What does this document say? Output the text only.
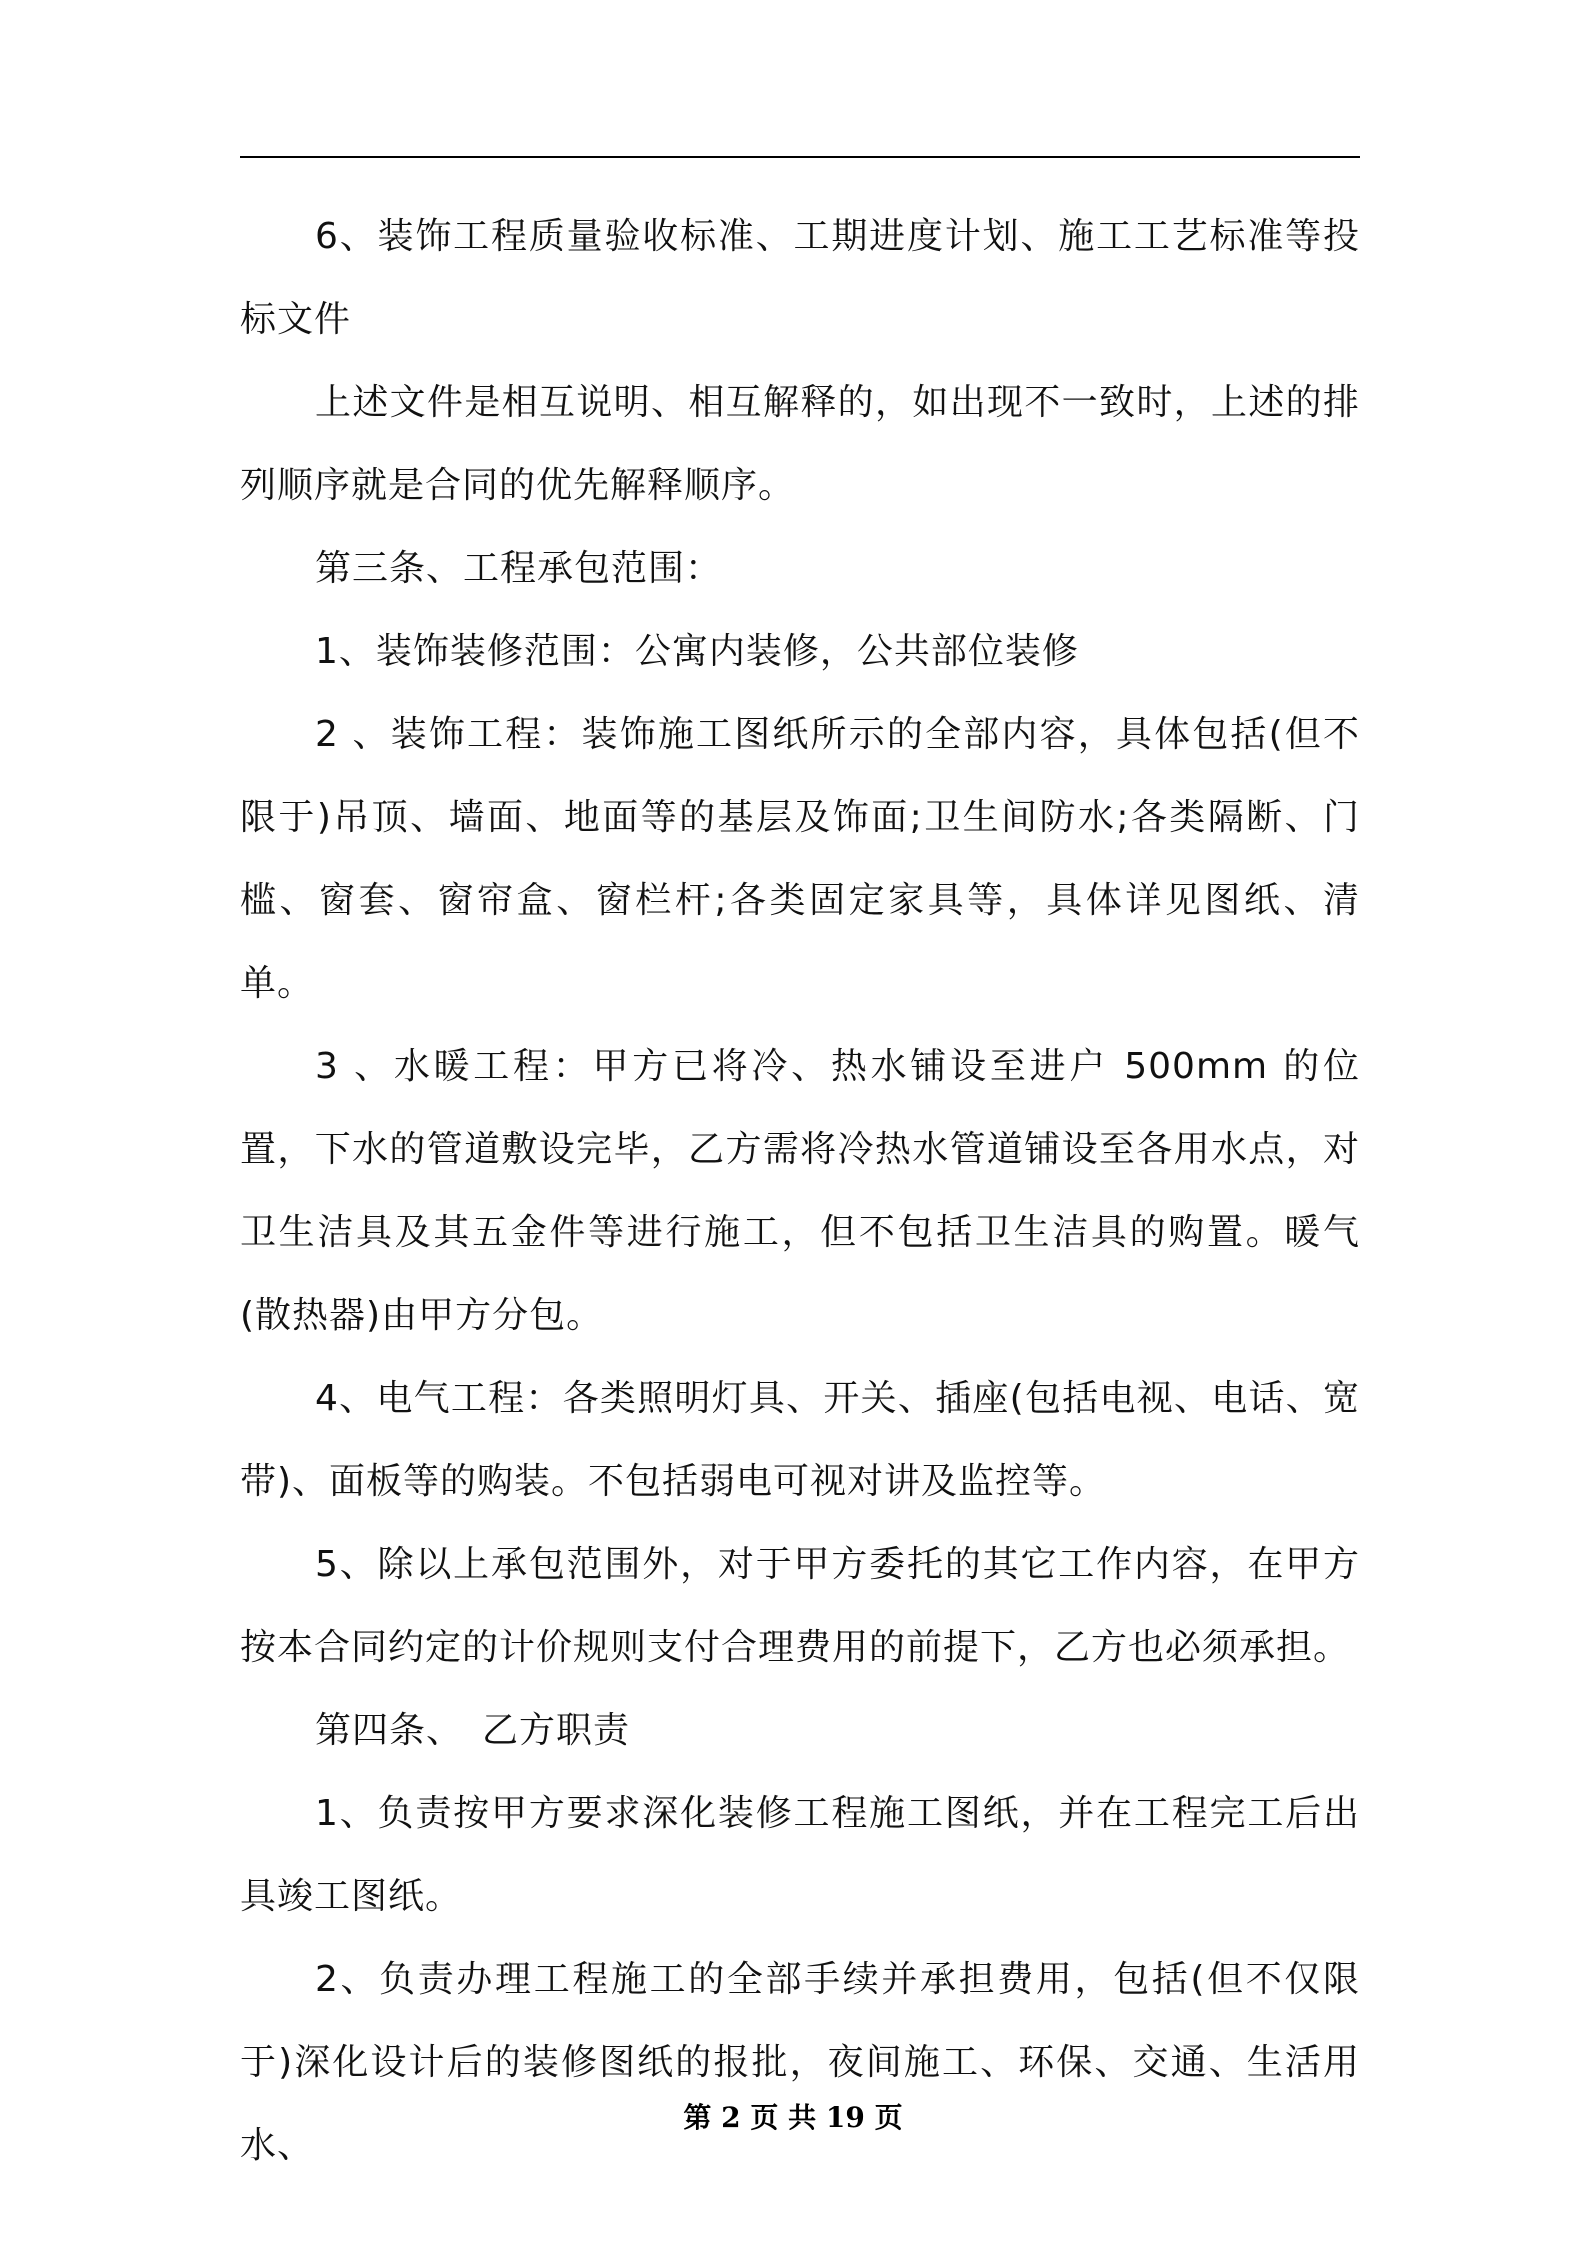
6、装饰工程质量验收标准、工期进度计划、施工工艺标准等投标文件

上述文件是相互说明、相互解释的，如出现不一致时，上述的排列顺序就是合同的优先解释顺序。

第三条、工程承包范围：

1、装饰装修范围：公寓内装修，公共部位装修

2 、装饰工程：装饰施工图纸所示的全部内容，具体包括(但不限于)吊顶、墙面、地面等的基层及饰面;卫生间防水;各类隔断、门槛、窗套、窗帘盒、窗栏杆;各类固定家具等，具体详见图纸、清单。

3 、水暖工程：甲方已将冷、热水铺设至进户 500mm 的位置，下水的管道敷设完毕，乙方需将冷热水管道铺设至各用水点，对卫生洁具及其五金件等进行施工，但不包括卫生洁具的购置。暖气(散热器)由甲方分包。

4、电气工程：各类照明灯具、开关、插座(包括电视、电话、宽带)、面板等的购装。不包括弱电可视对讲及监控等。

5、除以上承包范围外，对于甲方委托的其它工作内容，在甲方按本合同约定的计价规则支付合理费用的前提下，乙方也必须承担。

第四条、　乙方职责

1、负责按甲方要求深化装修工程施工图纸，并在工程完工后出具竣工图纸。

2、负责办理工程施工的全部手续并承担费用，包括(但不仅限于)深化设计后的装修图纸的报批，夜间施工、环保、交通、生活用水、

第 2 页 共 19 页
